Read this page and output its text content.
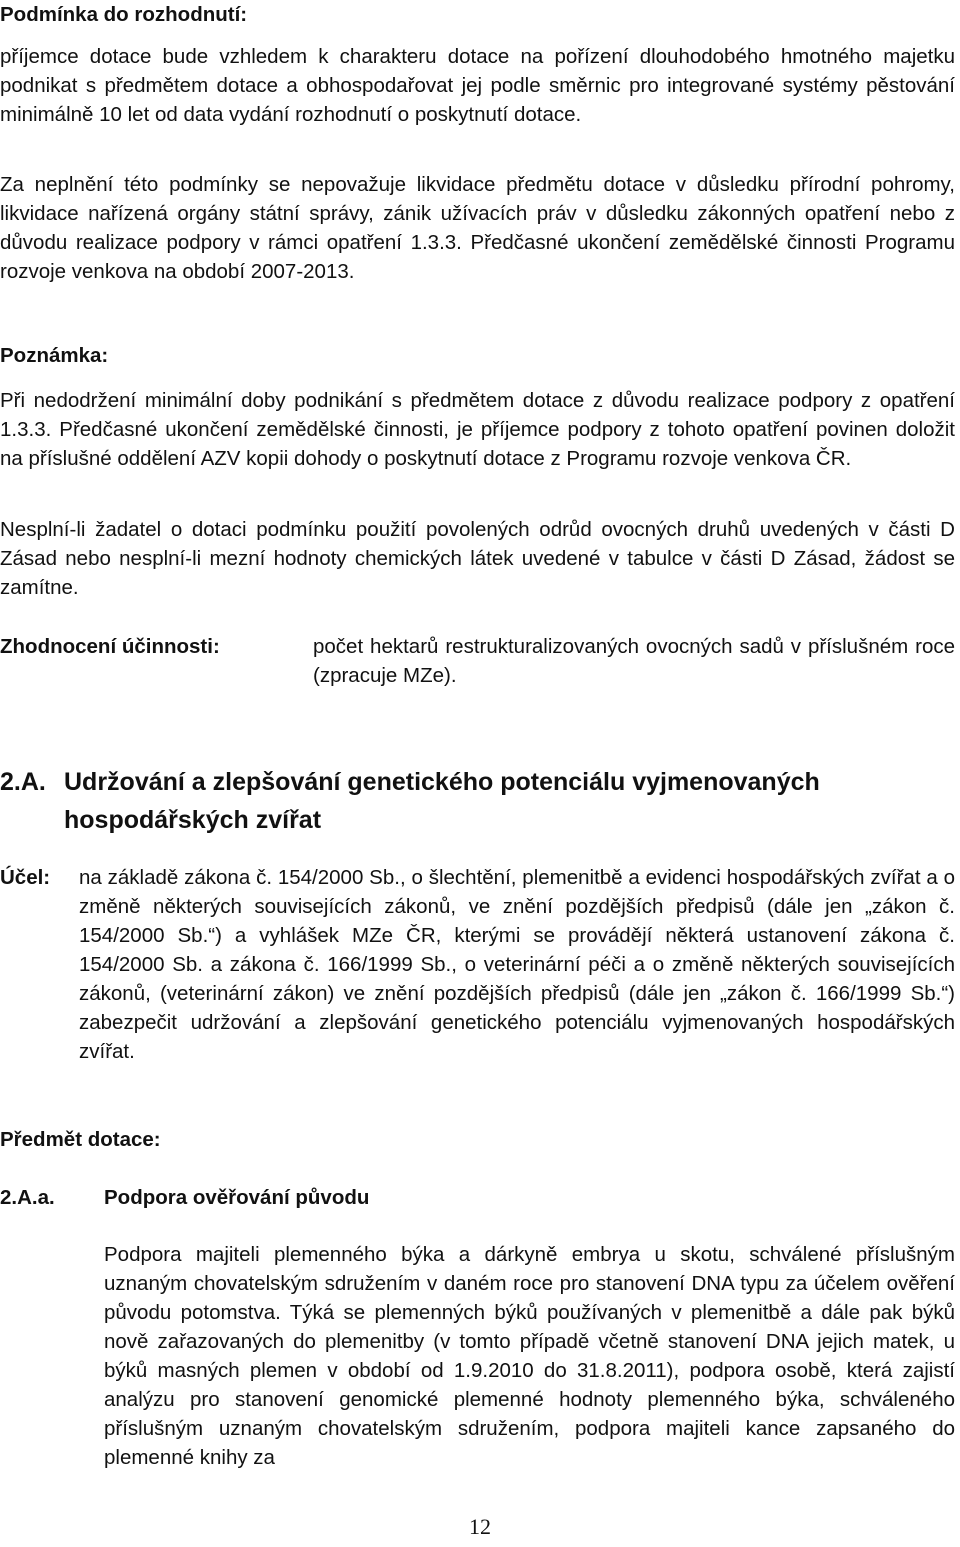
Podmínka do rozhodnutí:
příjemce dotace bude vzhledem k charakteru dotace na pořízení dlouhodobého hmotného majetku podnikat s předmětem dotace a obhospodařovat jej podle směrnic pro integrované systémy pěstování minimálně 10 let od data vydání rozhodnutí o poskytnutí dotace.
Za neplnění této podmínky se nepovažuje likvidace předmětu dotace v důsledku přírodní pohromy, likvidace nařízená orgány státní správy, zánik užívacích práv v důsledku zákonných opatření nebo z důvodu realizace podpory v rámci opatření 1.3.3. Předčasné ukončení zemědělské činnosti Programu rozvoje venkova na období 2007-2013.
Poznámka:
Při nedodržení minimální doby podnikání s předmětem dotace z důvodu realizace podpory z opatření 1.3.3. Předčasné ukončení zemědělské činnosti, je příjemce podpory z tohoto opatření povinen doložit na příslušné oddělení AZV kopii dohody o poskytnutí dotace z Programu rozvoje venkova ČR.
Nesplní-li žadatel o dotaci podmínku použití povolených odrůd ovocných druhů uvedených v části D Zásad nebo nesplní-li mezní hodnoty chemických látek uvedené v tabulce v části D Zásad, žádost se zamítne.
Zhodnocení účinnosti:	počet hektarů restrukturalizovaných ovocných sadů v příslušném roce (zpracuje MZe).
2.A. Udržování a zlepšování genetického potenciálu vyjmenovaných hospodářských zvířat
Účel: na základě zákona č. 154/2000 Sb., o šlechtění, plemenitbě a evidenci hospodářských zvířat a o změně některých souvisejících zákonů, ve znění pozdějších předpisů (dále jen „zákon č. 154/2000 Sb.“) a vyhlášek MZe ČR, kterými se provádějí některá ustanovení zákona č. 154/2000 Sb. a zákona č. 166/1999 Sb., o veterinární péči a o změně některých souvisejících zákonů, (veterinární zákon) ve znění pozdějších předpisů (dále jen „zákon č. 166/1999 Sb.“) zabezpečit udržování a zlepšování genetického potenciálu vyjmenovaných hospodářských zvířat.
Předmět dotace:
2.A.a. Podpora ověřování původu
Podpora majiteli plemenného býka a dárkyně embrya u skotu, schválené příslušným uznaným chovatelským sdružením v daném roce pro stanovení DNA typu za účelem ověření původu potomstva. Týká se plemenných býků používaných v plemenitbě a dále pak býků nově zařazovaných do plemenitby (v tomto případě včetně stanovení DNA jejich matek, u býků masných plemen v období od 1.9.2010 do 31.8.2011), podpora osobě, která zajistí analýzu pro stanovení genomické plemenné hodnoty plemenného býka, schváleného příslušným uznaným chovatelským sdružením, podpora majiteli kance zapsaného do plemenné knihy za
12
